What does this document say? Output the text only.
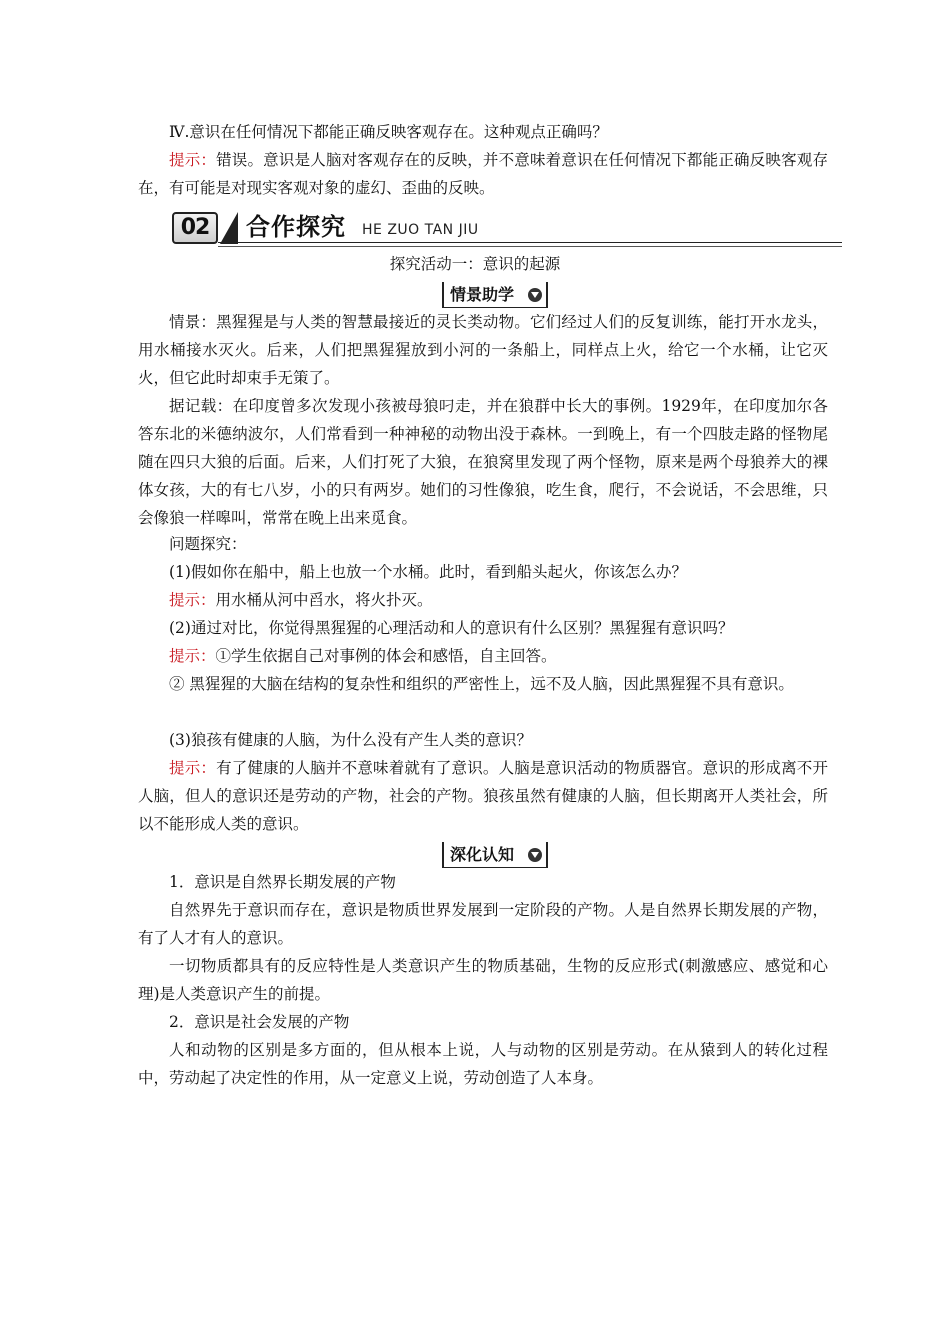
Ⅳ.意识在任何情况下都能正确反映客观存在。这种观点正确吗？

提示：错误。意识是人脑对客观存在的反映，并不意味着意识在任何情况下都能正确反映客观存在，有可能是对现实客观对象的虚幻、歪曲的反映。

02	合作探究 HE ZUO TAN JIU
探究活动一：意识的起源
情景助学

情景：黑猩猩是与人类的智慧最接近的灵长类动物。它们经过人们的反复训练，能打开水龙头，用水桶接水灭火。后来，人们把黑猩猩放到小河的一条船上，同样点上火，给它一个水桶，让它灭火，但它此时却束手无策了。

据记载：在印度曾多次发现小孩被母狼叼走，并在狼群中长大的事例。1929年，在印度加尔各答东北的米德纳波尔，人们常看到一种神秘的动物出没于森林。一到晚上，有一个四肢走路的怪物尾随在四只大狼的后面。后来，人们打死了大狼，在狼窝里发现了两个怪物，原来是两个母狼养大的裸体女孩，大的有七八岁，小的只有两岁。她们的习性像狼，吃生食，爬行，不会说话，不会思维，只会像狼一样嗥叫，常常在晚上出来觅食。

问题探究：

(1)假如你在船中，船上也放一个水桶。此时，看到船头起火，你该怎么办？

提示：用水桶从河中舀水，将火扑灭。

(2)通过对比，你觉得黑猩猩的心理活动和人的意识有什么区别？黑猩猩有意识吗？

提示：①学生依据自己对事例的体会和感悟，自主回答。

② 黑猩猩的大脑在结构的复杂性和组织的严密性上，远不及人脑，因此黑猩猩不具有意识。

(3)狼孩有健康的人脑，为什么没有产生人类的意识？

提示：有了健康的人脑并不意味着就有了意识。人脑是意识活动的物质器官。意识的形成离不开人脑，但人的意识还是劳动的产物，社会的产物。狼孩虽然有健康的人脑，但长期离开人类社会，所以不能形成人类的意识。

深化认知

1．意识是自然界长期发展的产物

自然界先于意识而存在，意识是物质世界发展到一定阶段的产物。人是自然界长期发展的产物，有了人才有人的意识。

一切物质都具有的反应特性是人类意识产生的物质基础，生物的反应形式(刺激感应、感觉和心理)是人类意识产生的前提。

2．意识是社会发展的产物

人和动物的区别是多方面的，但从根本上说，人与动物的区别是劳动。在从猿到人的转化过程中，劳动起了决定性的作用，从一定意义上说，劳动创造了人本身。
